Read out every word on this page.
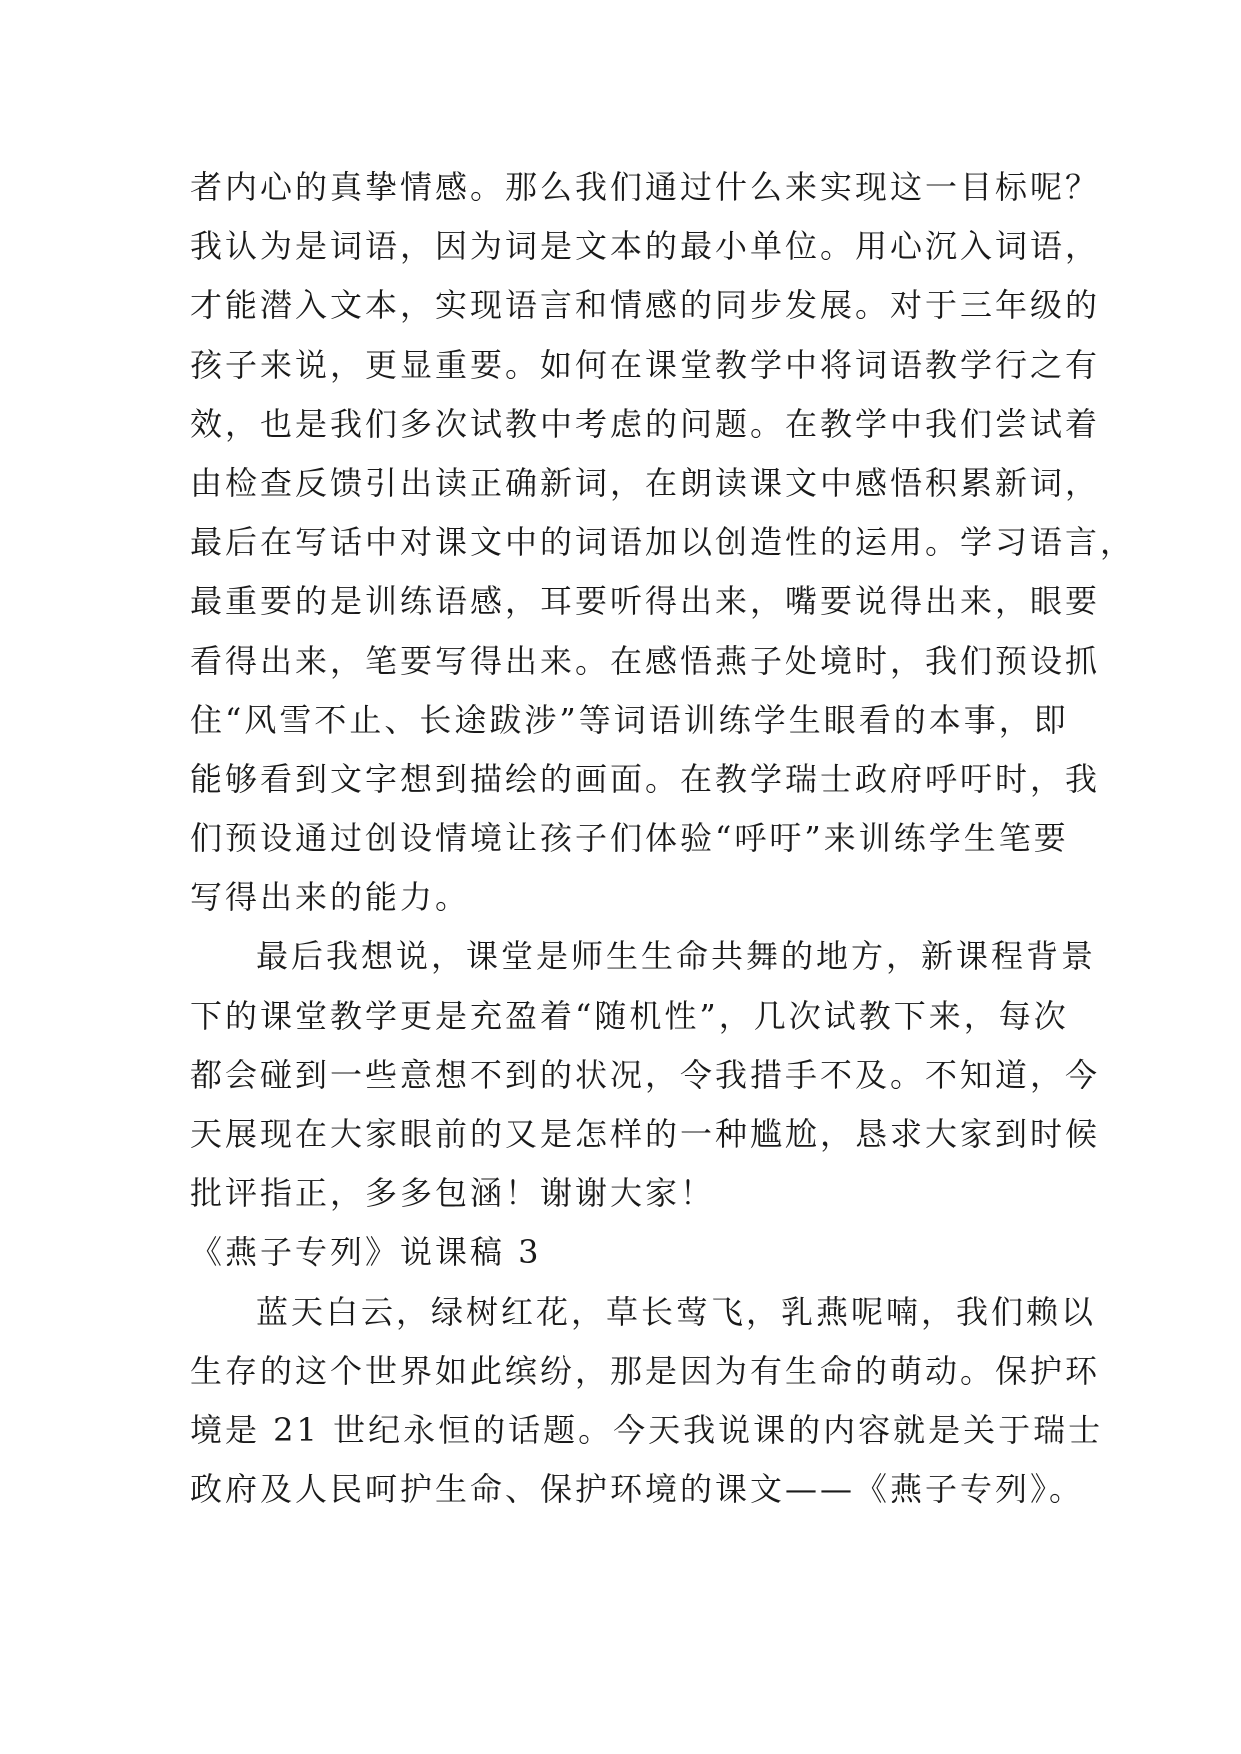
者内心的真挚情感。那么我们通过什么来实现这一目标呢？
我认为是词语，因为词是文本的最小单位。用心沉入词语，
才能潜入文本，实现语言和情感的同步发展。对于三年级的
孩子来说，更显重要。如何在课堂教学中将词语教学行之有
效，也是我们多次试教中考虑的问题。在教学中我们尝试着
由检查反馈引出读正确新词，在朗读课文中感悟积累新词，
最后在写话中对课文中的词语加以创造性的运用。学习语言，
最重要的是训练语感，耳要听得出来，嘴要说得出来，眼要
看得出来，笔要写得出来。在感悟燕子处境时，我们预设抓
住“风雪不止、长途跋涉”等词语训练学生眼看的本事，即
能够看到文字想到描绘的画面。在教学瑞士政府呼吁时，我
们预设通过创设情境让孩子们体验“呼吁”来训练学生笔要
写得出来的能力。
最后我想说，课堂是师生生命共舞的地方，新课程背景
下的课堂教学更是充盈着“随机性”，几次试教下来，每次
都会碰到一些意想不到的状况，令我措手不及。不知道，今
天展现在大家眼前的又是怎样的一种尴尬，恳求大家到时候
批评指正，多多包涵！谢谢大家！
《燕子专列》说课稿 3
蓝天白云，绿树红花，草长莺飞，乳燕呢喃，我们赖以
生存的这个世界如此缤纷，那是因为有生命的萌动。保护环
境是 21 世纪永恒的话题。今天我说课的内容就是关于瑞士
政府及人民呵护生命、保护环境的课文——《燕子专列》。
